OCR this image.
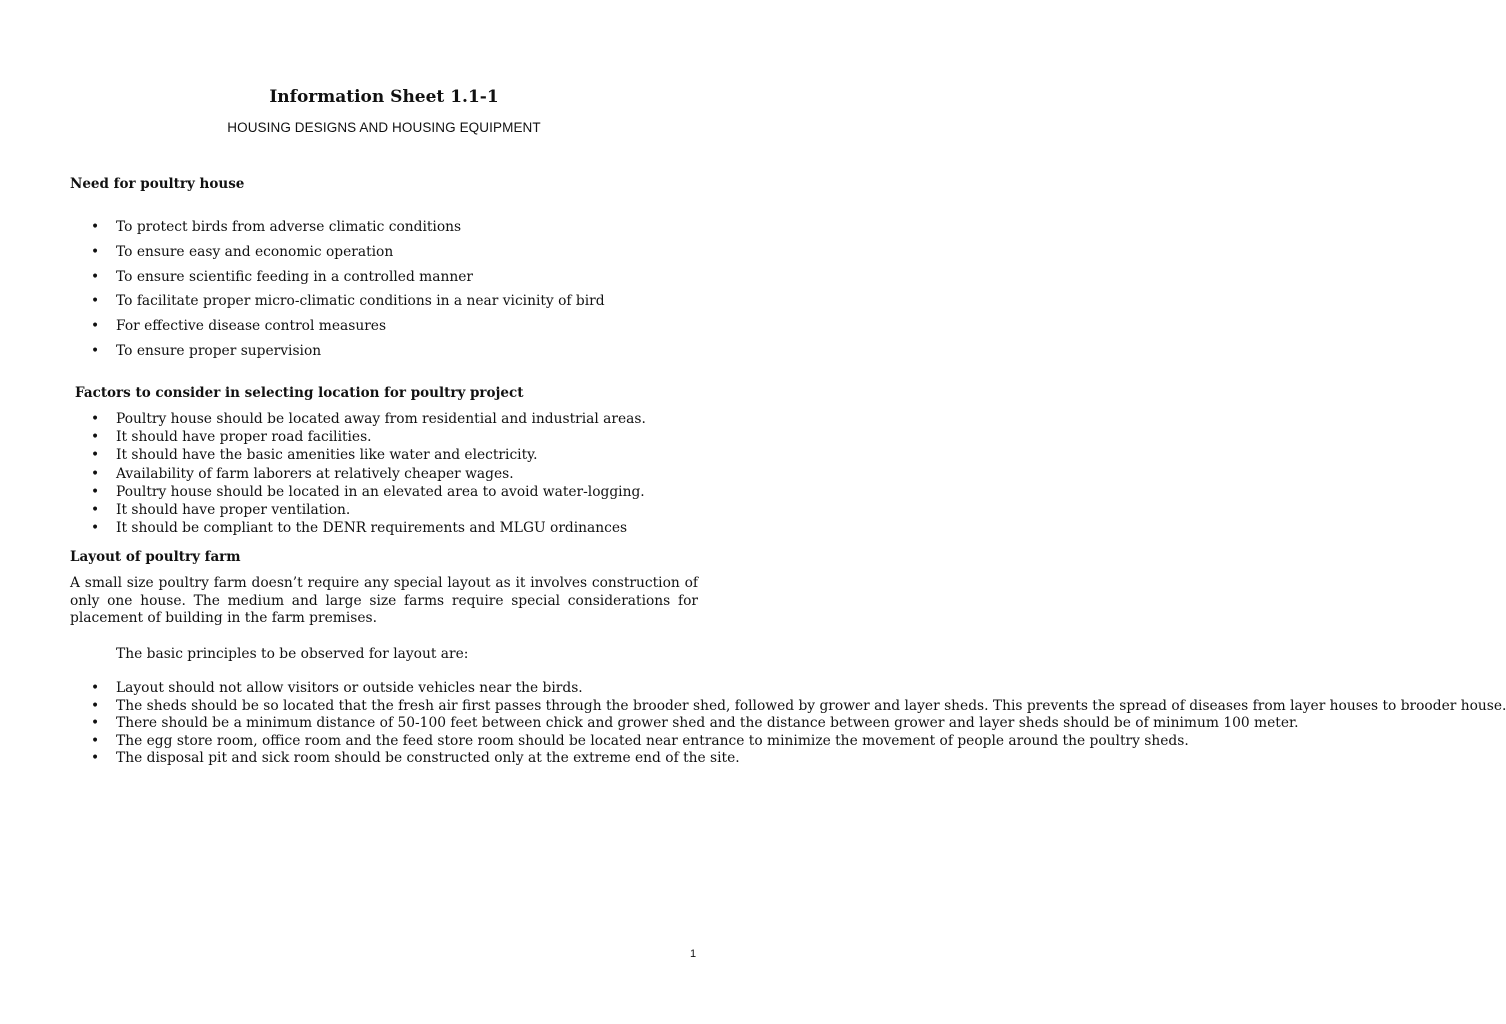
Information Sheet 1.1-1

HOUSING DESIGNS AND HOUSING EQUIPMENT

Need for poultry house
• To protect birds from adverse climatic conditions
• To ensure easy and economic operation
• To ensure scientific feeding in a controlled manner
• To facilitate proper micro-climatic conditions in a near vicinity of bird
• For effective disease control measures
• To ensure proper supervision
Factors to consider in selecting location for poultry project
• Poultry house should be located away from residential and industrial areas.
• It should have proper road facilities.
• It should have the basic amenities like water and electricity.
• Availability of farm laborers at relatively cheaper wages.
• Poultry house should be located in an elevated area to avoid water-logging.
• It should have proper ventilation.
• It should be compliant to the DENR requirements and MLGU ordinances
Layout of poultry farm

A small size poultry farm doesn’t require any special layout as it involves construction of only one house. The medium and large size farms require special considerations for placement of building in the farm premises.

The basic principles to be observed for layout are:

• Layout should not allow visitors or outside vehicles near the birds.
• The sheds should be so located that the fresh air first passes through the brooder shed, followed by grower and layer sheds. This prevents the spread of diseases from layer houses to brooder house.
• There should be a minimum distance of 50-100 feet between chick and grower shed and the distance between grower and layer sheds should be of minimum 100 meter.
• The egg store room, office room and the feed store room should be located near entrance to minimize the movement of people around the poultry sheds.
• The disposal pit and sick room should be constructed only at the extreme end of the site.

1
